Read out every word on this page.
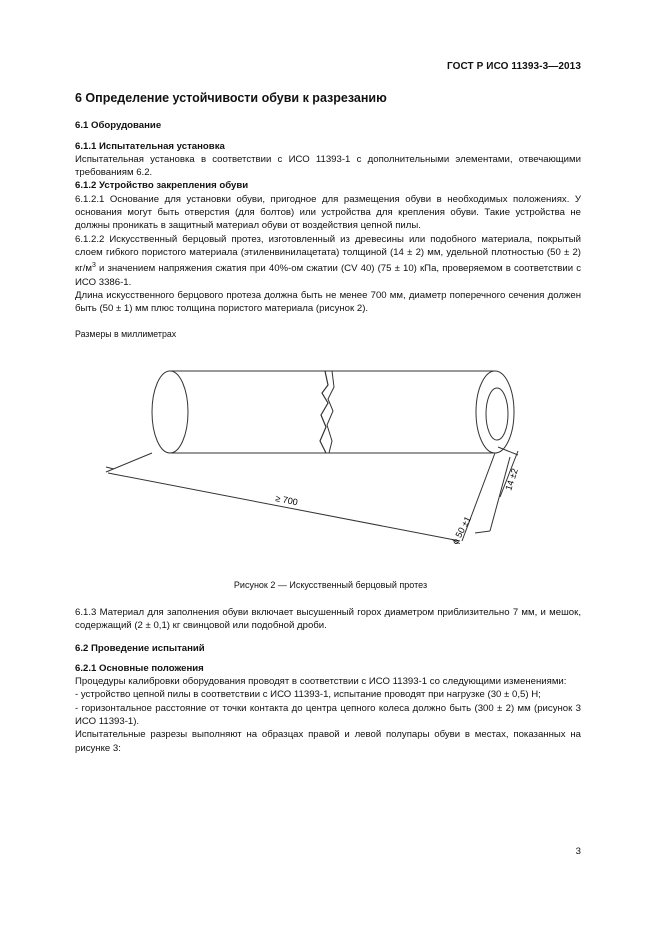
ГОСТ Р ИСО 11393-3—2013

6 Определение устойчивости обуви к разрезанию

6.1 Оборудование

6.1.1 Испытательная установка

Испытательная установка в соответствии с ИСО 11393-1 с дополнительными элементами, отвечающими требованиям 6.2.

6.1.2 Устройство закрепления обуви

6.1.2.1 Основание для установки обуви, пригодное для размещения обуви в необходимых положениях. У основания могут быть отверстия (для болтов) или устройства для крепления обуви. Такие устройства не должны проникать в защитный материал обуви от воздействия цепной пилы.

6.1.2.2 Искусственный берцовый протез, изготовленный из древесины или подобного материала, покрытый слоем гибкого пористого материала (этиленвинилацетата) толщиной (14 ± 2) мм, удельной плотностью (50 ± 2) $кг/м^3$ и значением напряжения сжатия при 40%-ом сжатии (CV 40) (75 ± 10) кПа, проверяемом в соответствии с ИСО 3386-1.

Длина искусственного берцового протеза должна быть не менее 700 мм, диаметр поперечного сечения должен быть (50 ± 1) мм плюс толщина пористого материала (рисунок 2).

Размеры в миллиметрах

≥ 700
14 ±2
ϕ 50 ±1
Рисунок 2 — Искусственный берцовый протез

6.1.3 Материал для заполнения обуви включает высушенный горох диаметром приблизительно 7 мм, и мешок, содержащий (2 ± 0,1) кг свинцовой или подобной дроби.

6.2 Проведение испытаний

6.2.1 Основные положения

Процедуры калибровки оборудования проводят в соответствии с ИСО 11393-1 со следующими изменениями:

- устройство цепной пилы в соответствии с ИСО 11393-1, испытание проводят при нагрузке (30 ± 0,5) Н;

- горизонтальное расстояние от точки контакта до центра цепного колеса должно быть (300 ± 2) мм (рисунок 3 ИСО 11393-1).

Испытательные разрезы выполняют на образцах правой и левой полупары обуви в местах, показанных на рисунке 3:

3
